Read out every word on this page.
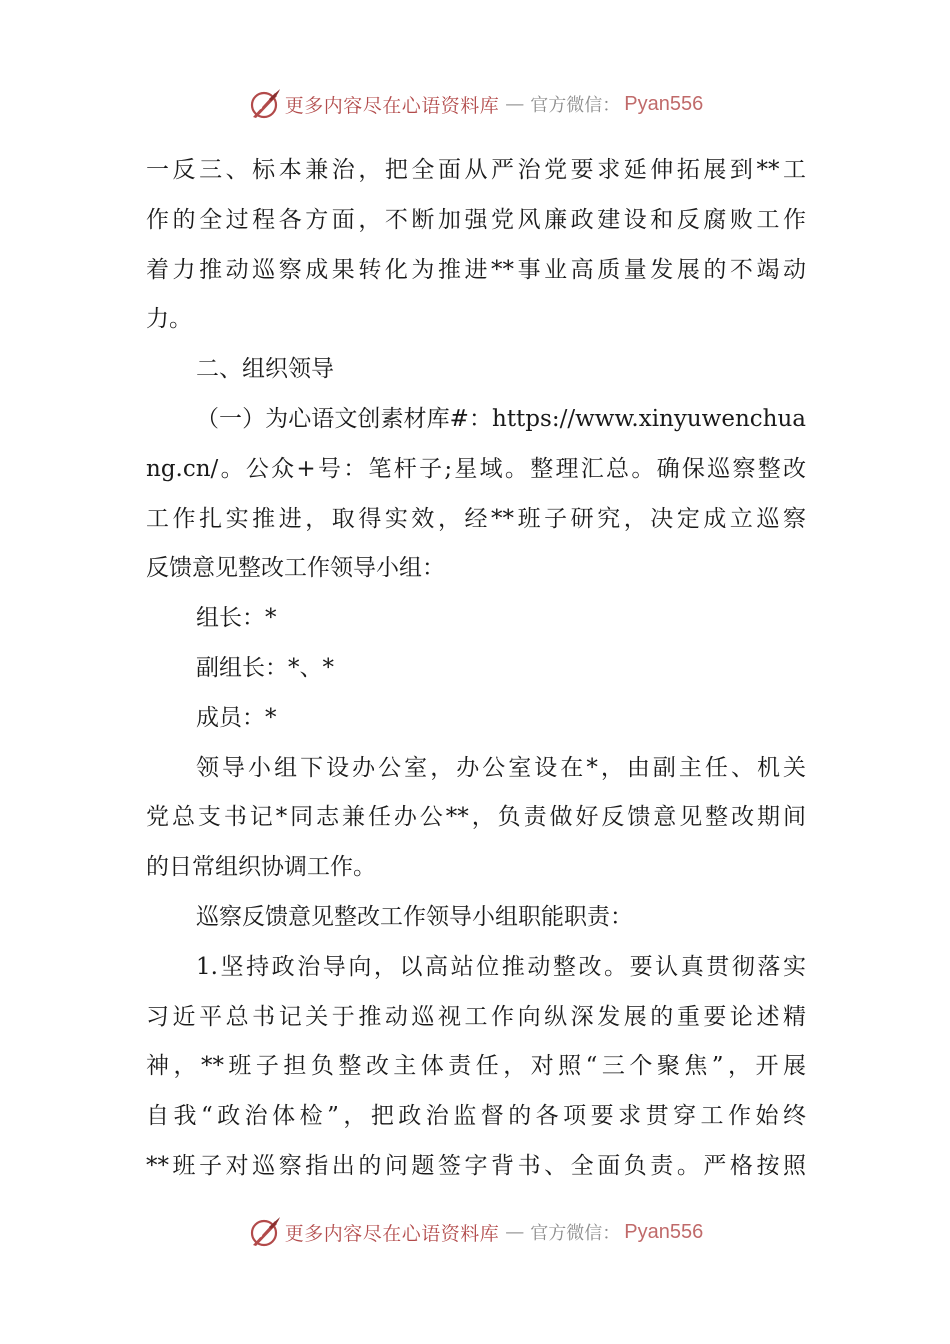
更多内容尽在心语资料库 — 官方微信： Pyan556
一反三、标本兼治，把全面从严治党要求延伸拓展到**工
作的全过程各方面，不断加强党风廉政建设和反腐败工作
着力推动巡察成果转化为推进**事业高质量发展的不竭动
力。
二、组织领导
（一）为心语文创素材库#：https://www.xinyuwenchua
ng.cn/。公众+号：笔杆子;星域。整理汇总。确保巡察整改
工作扎实推进，取得实效，经**班子研究，决定成立巡察
反馈意见整改工作领导小组：
组长：*
副组长：*、*
成员：*
领导小组下设办公室，办公室设在*，由副主任、机关
党总支书记*同志兼任办公**，负责做好反馈意见整改期间
的日常组织协调工作。
巡察反馈意见整改工作领导小组职能职责：
1.坚持政治导向，以高站位推动整改。要认真贯彻落实
习近平总书记关于推动巡视工作向纵深发展的重要论述精
神，**班子担负整改主体责任，对照“三个聚焦”，开展
自我“政治体检”，把政治监督的各项要求贯穿工作始终
**班子对巡察指出的问题签字背书、全面负责。严格按照
更多内容尽在心语资料库 — 官方微信： Pyan556
